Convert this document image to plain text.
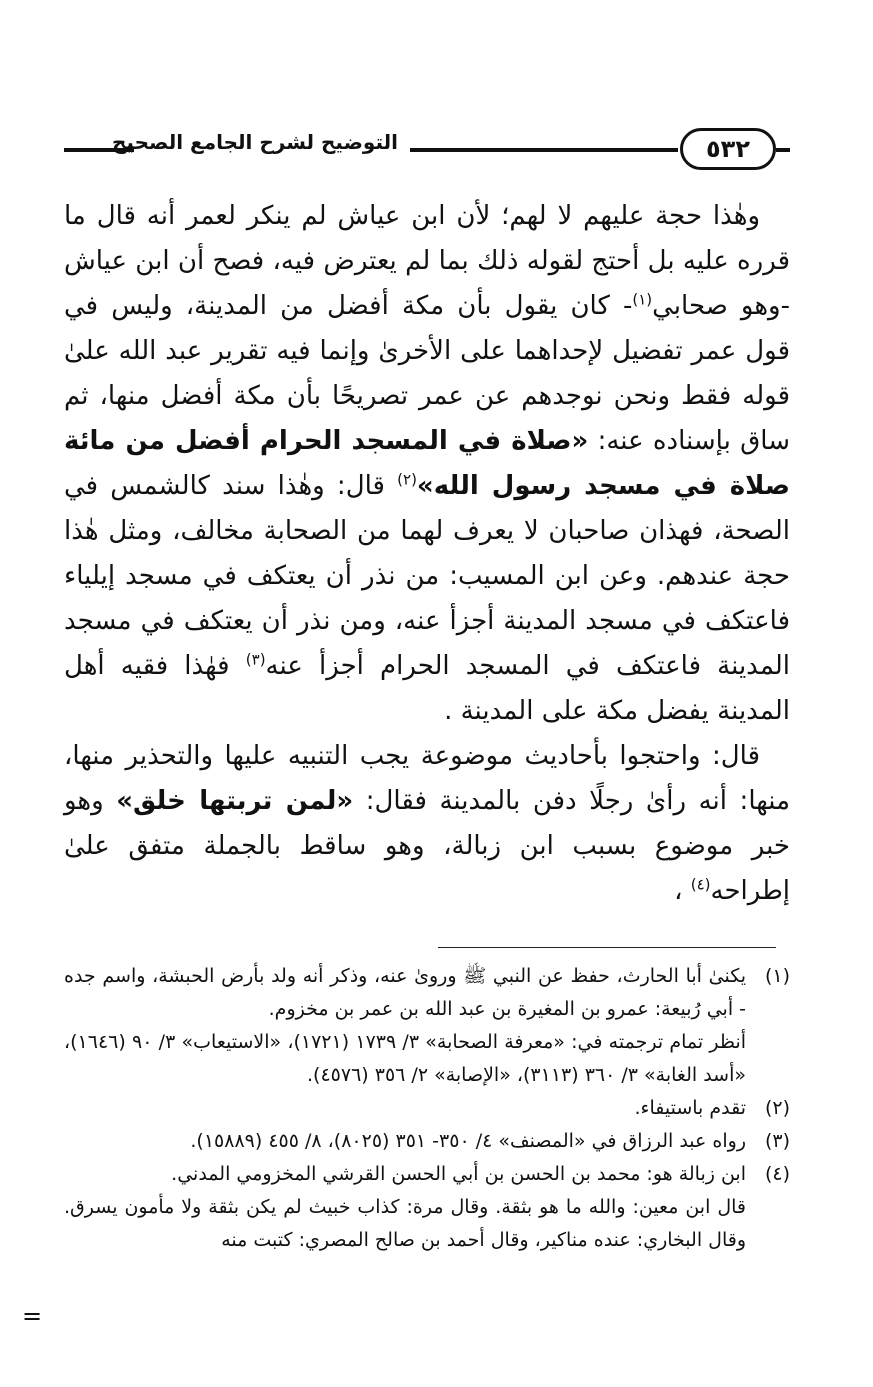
٥٣٢
التوضيح لشرح الجامع الصحيح

وهٰذا حجة عليهم لا لهم؛ لأن ابن عياش لم ينكر لعمر أنه قال ما قرره عليه بل أحتج لقوله ذلك بما لم يعترض فيه، فصح أن ابن عياش -وهو صحابي$^{(١)}$- كان يقول بأن مكة أفضل من المدينة، وليس في قول عمر تفضيل لإحداهما على الأخرىٰ وإنما فيه تقرير عبد الله علىٰ قوله فقط ونحن نوجدهم عن عمر تصريحًا بأن مكة أفضل منها، ثم ساق بإسناده عنه: «صلاة في المسجد الحرام أفضل من مائة صلاة في مسجد رسول الله»$^{(٢)}$ قال: وهٰذا سند كالشمس في الصحة، فهذان صاحبان لا يعرف لهما من الصحابة مخالف، ومثل هٰذا حجة عندهم. وعن ابن المسيب: من نذر أن يعتكف في مسجد إيلياء فاعتكف في مسجد المدينة أجزأ عنه، ومن نذر أن يعتكف في مسجد المدينة فاعتكف في المسجد الحرام أجزأ عنه$^{(٣)}$ فهٰذا فقيه أهل المدينة يفضل مكة على المدينة .

قال: واحتجوا بأحاديث موضوعة يجب التنبيه عليها والتحذير منها، منها: أنه رأىٰ رجلًا دفن بالمدينة فقال: «لمن تربتها خلق» وهو خبر موضوع بسبب ابن زبالة، وهو ساقط بالجملة متفق علىٰ إطراحه$^{(٤)}$ ،

(١)
يكنىٰ أبا الحارث، حفظ عن النبي ﷺ وروىٰ عنه، وذكر أنه ولد بأرض الحبشة، واسم جده - أبي رُبيعة: عمرو بن المغيرة بن عبد الله بن عمر بن مخزوم.
أنظر تمام ترجمته في: «معرفة الصحابة» ٣/ ١٧٣٩ (١٧٢١)، «الاستيعاب» ٣/ ٩٠ (١٦٤٦)، «أسد الغابة» ٣/ ٣٦٠ (٣١١٣)، «الإصابة» ٢/ ٣٥٦ (٤٥٧٦).
(٢)
تقدم باستيفاء.
(٣)
رواه عبد الرزاق في «المصنف» ٤/ ٣٥٠- ٣٥١ (٨٠٢٥)، ٨/ ٤٥٥ (١٥٨٨٩).
(٤)
ابن زبالة هو: محمد بن الحسن بن أبي الحسن القرشي المخزومي المدني.
قال ابن معين: والله ما هو بثقة. وقال مرة: كذاب خبيث لم يكن بثقة ولا مأمون يسرق. وقال البخاري: عنده مناكير، وقال أحمد بن صالح المصري: كتبت منه
=
